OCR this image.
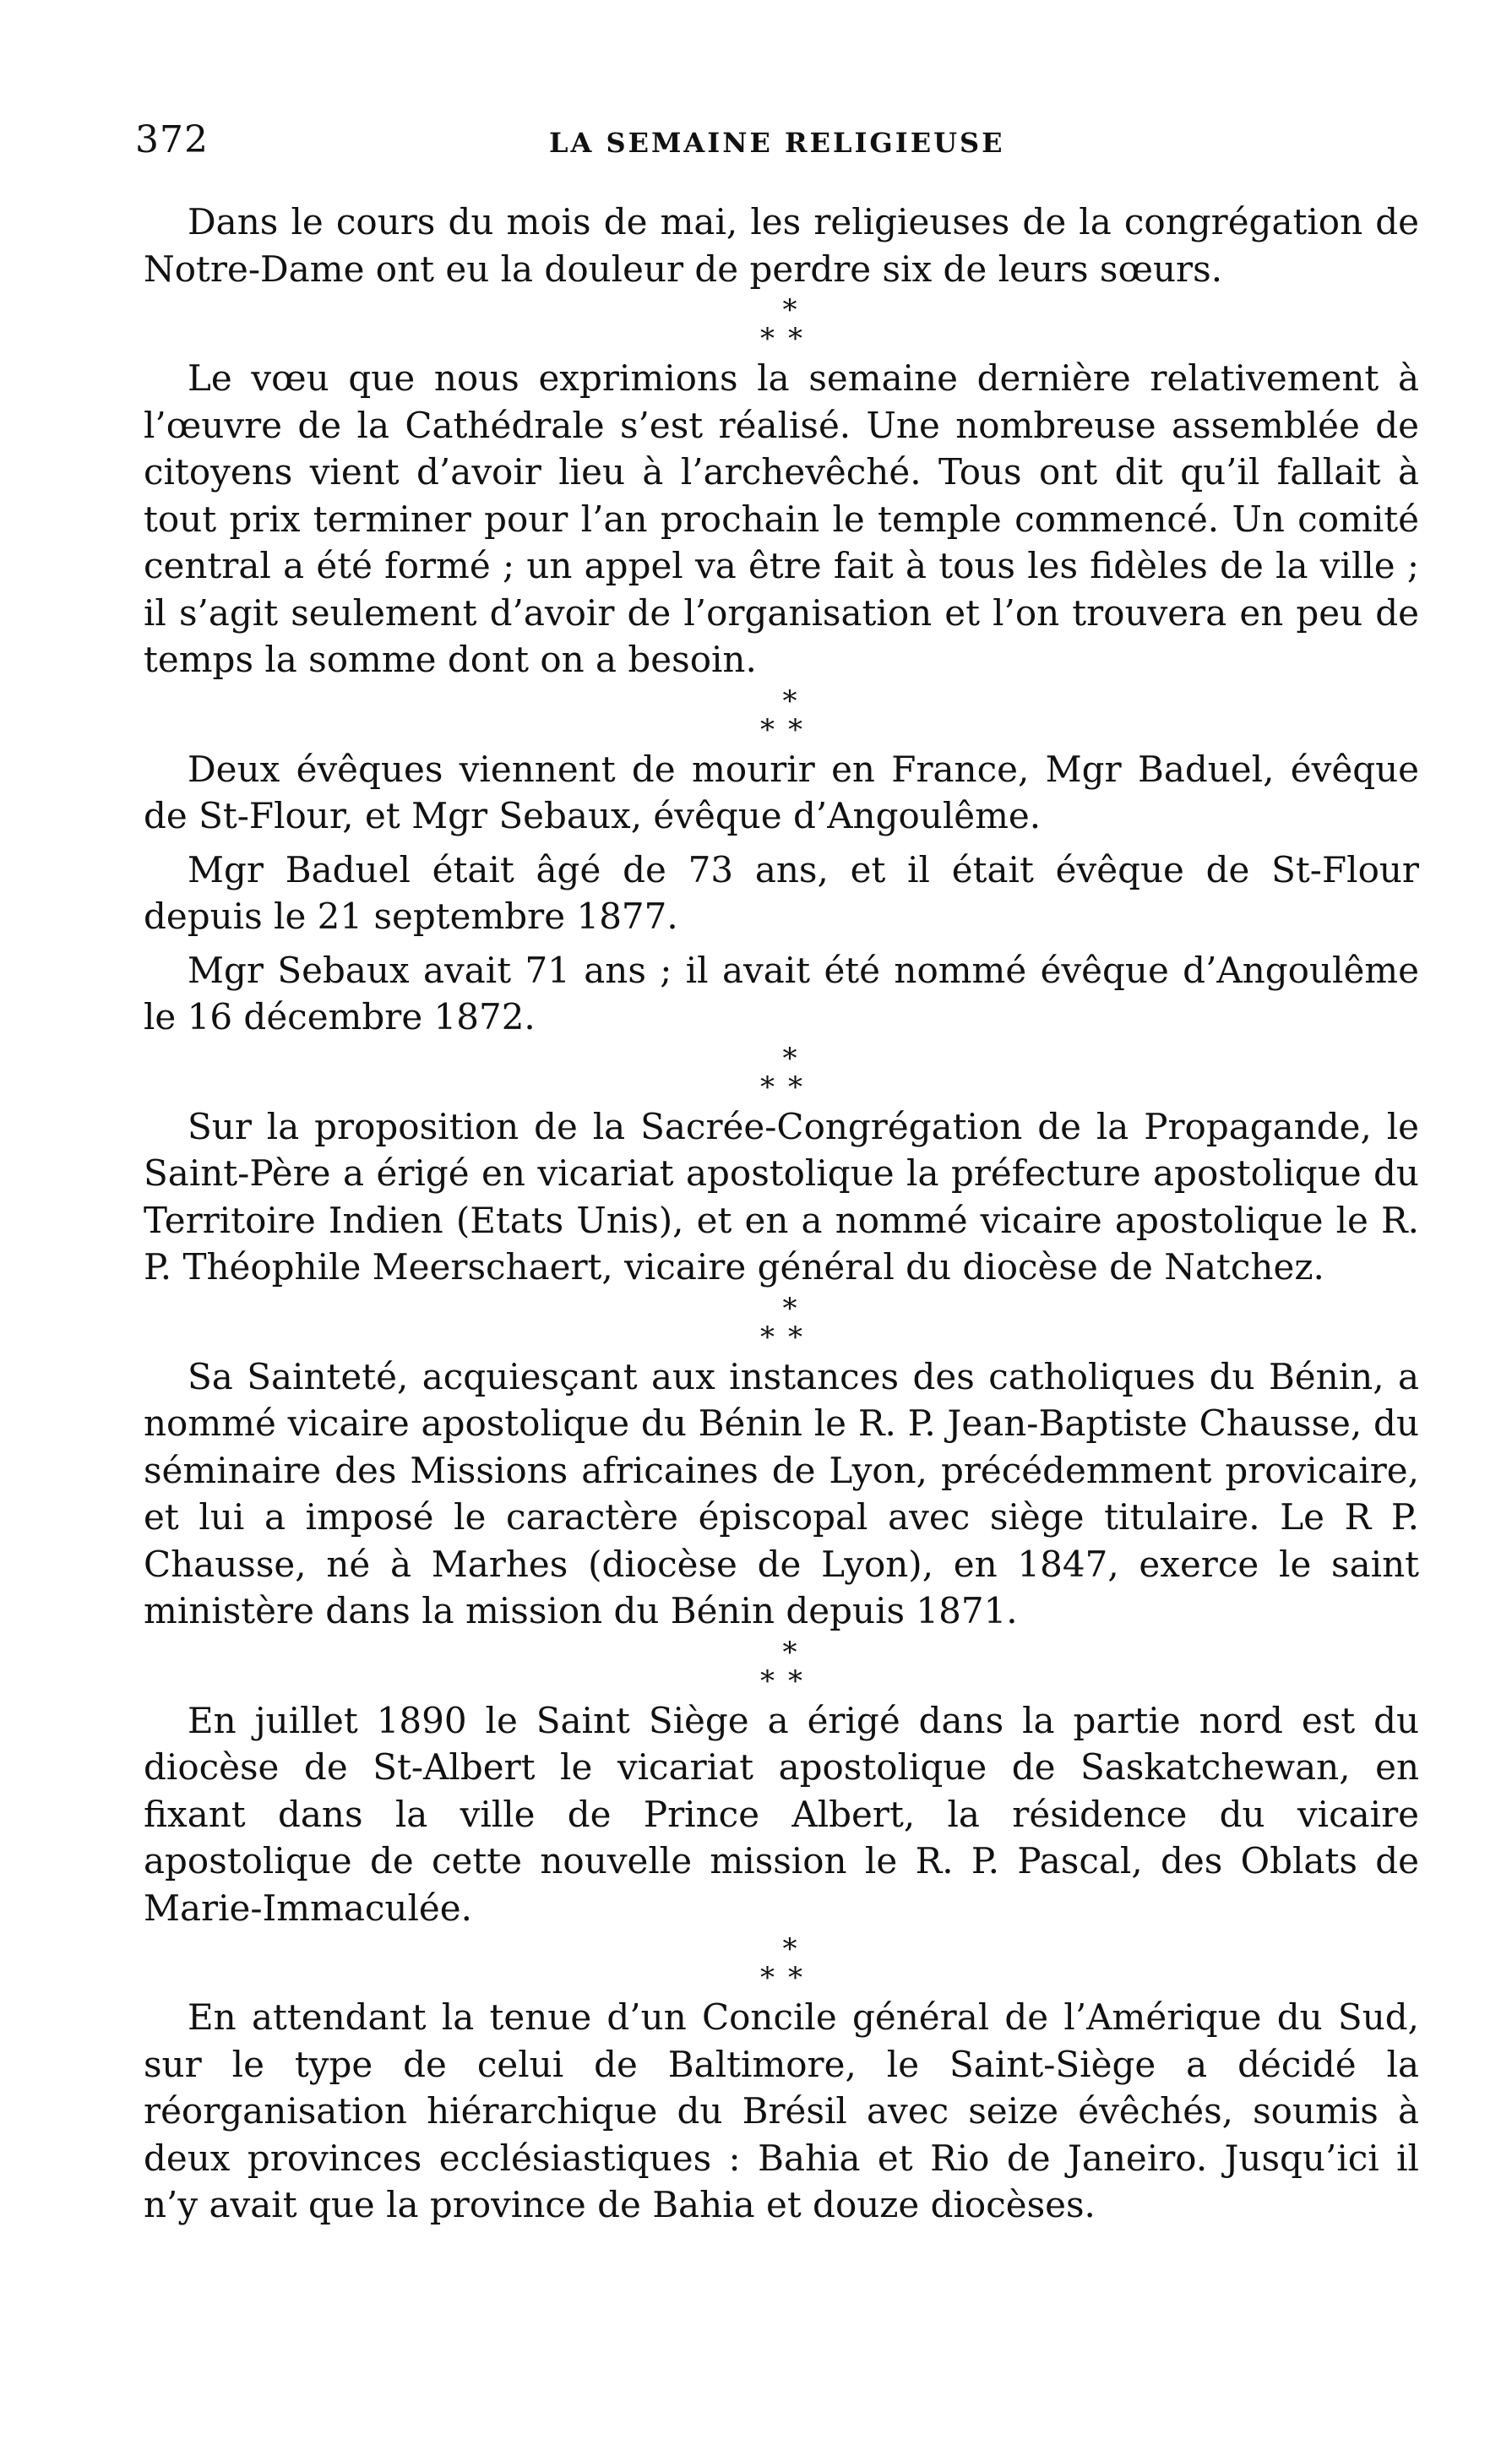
372	LA SEMAINE RELIGIEUSE

Dans le cours du mois de mai, les religieuses de la congrégation de Notre-Dame ont eu la douleur de perdre six de leurs sœurs.

*
**

Le vœu que nous exprimions la semaine dernière relativement à l’œuvre de la Cathédrale s’est réalisé. Une nombreuse assemblée de citoyens vient d’avoir lieu à l’archevêché. Tous ont dit qu’il fallait à tout prix terminer pour l’an prochain le temple commencé. Un comité central a été formé ; un appel va être fait à tous les fidèles de la ville ; il s’agit seulement d’avoir de l’organisation et l’on trouvera en peu de temps la somme dont on a besoin.

*
**

Deux évêques viennent de mourir en France, Mgr Baduel, évêque de St-Flour, et Mgr Sebaux, évêque d’Angoulême.

Mgr Baduel était âgé de 73 ans, et il était évêque de St-Flour depuis le 21 septembre 1877.

Mgr Sebaux avait 71 ans ; il avait été nommé évêque d’Angoulême le 16 décembre 1872.

*
**

Sur la proposition de la Sacrée-Congrégation de la Propagande, le Saint-Père a érigé en vicariat apostolique la préfecture apostolique du Territoire Indien (Etats Unis), et en a nommé vicaire apostolique le R. P. Théophile Meerschaert, vicaire général du diocèse de Natchez.

*
**

Sa Sainteté, acquiesçant aux instances des catholiques du Bénin, a nommé vicaire apostolique du Bénin le R. P. Jean-Baptiste Chausse, du séminaire des Missions africaines de Lyon, précédemment provicaire, et lui a imposé le caractère épiscopal avec siège titulaire. Le R P. Chausse, né à Marhes (diocèse de Lyon), en 1847, exerce le saint ministère dans la mission du Bénin depuis 1871.

*
**

En juillet 1890 le Saint Siège a érigé dans la partie nord est du diocèse de St-Albert le vicariat apostolique de Saskatchewan, en fixant dans la ville de Prince Albert, la résidence du vicaire apostolique de cette nouvelle mission le R. P. Pascal, des Oblats de Marie-Immaculée.

*
**

En attendant la tenue d’un Concile général de l’Amérique du Sud, sur le type de celui de Baltimore, le Saint-Siège a décidé la réorganisation hiérarchique du Brésil avec seize évêchés, soumis à deux provinces ecclésiastiques : Bahia et Rio de Janeiro. Jusqu’ici il n’y avait que la province de Bahia et douze diocèses.
